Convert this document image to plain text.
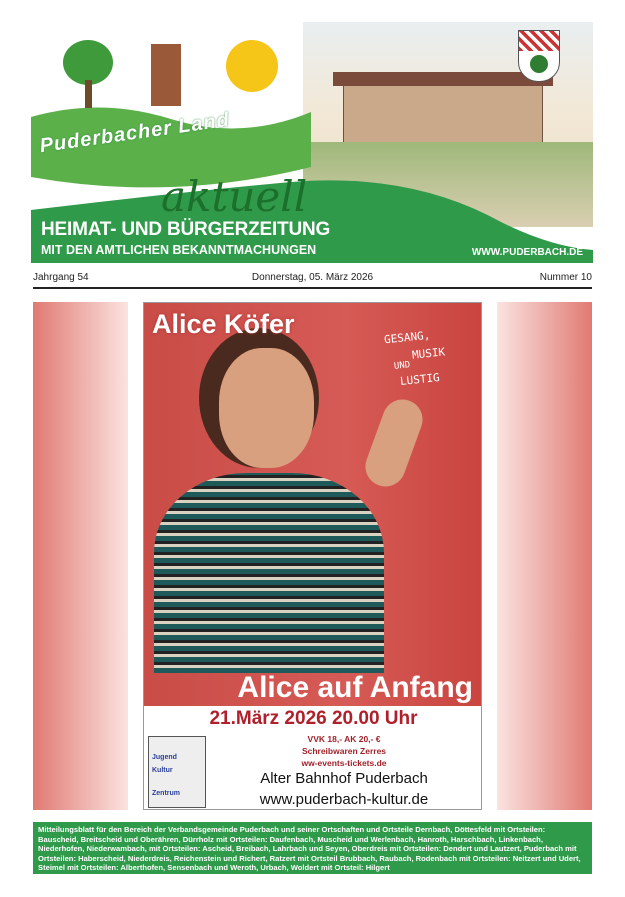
Puderbacher Land
aktuell
HEIMAT- UND BÜRGERZEITUNG
MIT DEN AMTLICHEN BEKANNTMACHUNGEN	WWW.PUDERBACH.DE
Jahrgang 54	Donnerstag, 05. März 2026	Nummer 10
Alice Köfer	GESANG,
MUSIK
UND
LUSTIG
Alice auf Anfang
21.März 2026 20.00 Uhr
VVK 18,- AK 20,- €
Schreibwaren Zerres
ww-events-tickets.de
Alter Bahnhof Puderbach
www.puderbach-kultur.de
Jugend
Kultur
Zentrum
Mitteilungsblatt für den Bereich der Verbandsgemeinde Puderbach und seiner Ortschaften und Ortsteile Dernbach, Döttesfeld mit Ortsteilen: Bauscheid, Breitscheid und Oberähren, Dürrholz mit Ortsteilen: Daufenbach, Muscheid und Werlenbach, Hanroth, Harschbach, Linkenbach, Niederhofen, Niederwambach, mit Ortsteilen: Ascheid, Breibach, Lahrbach und Seyen, Oberdreis mit Ortsteilen: Dendert und Lautzert, Puderbach mit Ortsteilen: Haberscheid, Niederdreis, Reichenstein und Richert, Ratzert mit Ortsteil Brubbach, Raubach, Rodenbach mit Ortsteilen: Neitzert und Udert, Steimel mit Ortsteilen: Alberthofen, Sensenbach und Weroth, Urbach, Woldert mit Ortsteil: Hilgert
